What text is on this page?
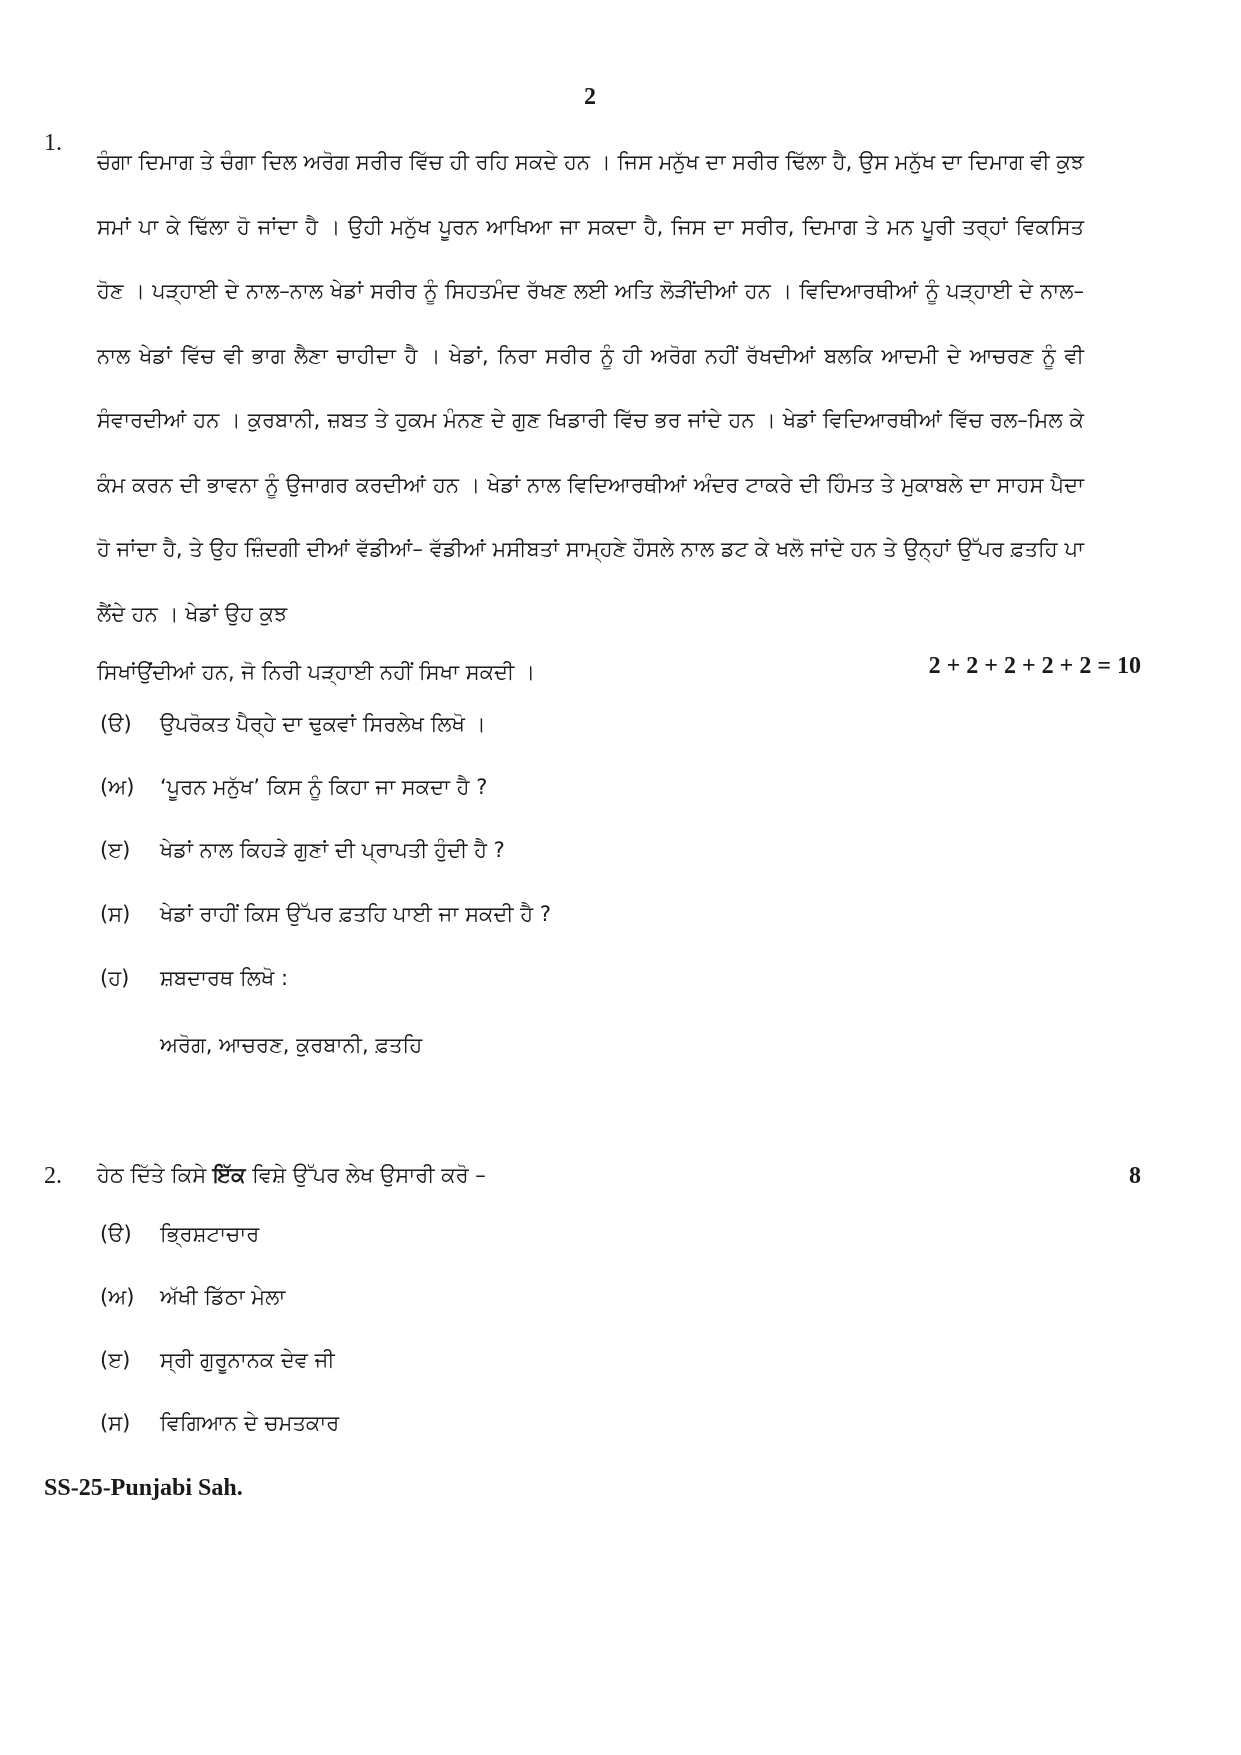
2
1.

ਚੰਗਾ ਦਿਮਾਗ ਤੇ ਚੰਗਾ ਦਿਲ ਅਰੋਗ ਸਰੀਰ ਵਿੱਚ ਹੀ ਰਹਿ ਸਕਦੇ ਹਨ । ਜਿਸ ਮਨੁੱਖ ਦਾ ਸਰੀਰ ਢਿੱਲਾ ਹੈ, ਉਸ ਮਨੁੱਖ ਦਾ ਦਿਮਾਗ ਵੀ ਕੁਝ ਸਮਾਂ ਪਾ ਕੇ ਢਿੱਲਾ ਹੋ ਜਾਂਦਾ ਹੈ । ਉਹੀ ਮਨੁੱਖ ਪੂਰਨ ਆਖਿਆ ਜਾ ਸਕਦਾ ਹੈ, ਜਿਸ ਦਾ ਸਰੀਰ, ਦਿਮਾਗ ਤੇ ਮਨ ਪੂਰੀ ਤਰ੍ਹਾਂ ਵਿਕਸਿਤ ਹੋਣ । ਪੜ੍ਹਾਈ ਦੇ ਨਾਲ–ਨਾਲ ਖੇਡਾਂ ਸਰੀਰ ਨੂੰ ਸਿਹਤਮੰਦ ਰੱਖਣ ਲਈ ਅਤਿ ਲੋੜੀਂਦੀਆਂ ਹਨ । ਵਿਦਿਆਰਥੀਆਂ ਨੂੰ ਪੜ੍ਹਾਈ ਦੇ ਨਾਲ–ਨਾਲ ਖੇਡਾਂ ਵਿੱਚ ਵੀ ਭਾਗ ਲੈਣਾ ਚਾਹੀਦਾ ਹੈ । ਖੇਡਾਂ, ਨਿਰਾ ਸਰੀਰ ਨੂੰ ਹੀ ਅਰੋਗ ਨਹੀਂ ਰੱਖਦੀਆਂ ਬਲਕਿ ਆਦਮੀ ਦੇ ਆਚਰਣ ਨੂੰ ਵੀ ਸੰਵਾਰਦੀਆਂ ਹਨ । ਕੁਰਬਾਨੀ, ਜ਼ਬਤ ਤੇ ਹੁਕਮ ਮੰਨਣ ਦੇ ਗੁਣ ਖਿਡਾਰੀ ਵਿੱਚ ਭਰ ਜਾਂਦੇ ਹਨ । ਖੇਡਾਂ ਵਿਦਿਆਰਥੀਆਂ ਵਿੱਚ ਰਲ–ਮਿਲ ਕੇ ਕੰਮ ਕਰਨ ਦੀ ਭਾਵਨਾ ਨੂੰ ਉਜਾਗਰ ਕਰਦੀਆਂ ਹਨ । ਖੇਡਾਂ ਨਾਲ ਵਿਦਿਆਰਥੀਆਂ ਅੰਦਰ ਟਾਕਰੇ ਦੀ ਹਿੰਮਤ ਤੇ ਮੁਕਾਬਲੇ ਦਾ ਸਾਹਸ ਪੈਦਾ ਹੋ ਜਾਂਦਾ ਹੈ, ਤੇ ਉਹ ਜ਼ਿੰਦਗੀ ਦੀਆਂ ਵੱਡੀਆਂ– ਵੱਡੀਆਂ ਮਸੀਬਤਾਂ ਸਾਮ੍ਹਣੇ ਹੌਸਲੇ ਨਾਲ ਡਟ ਕੇ ਖਲੋ ਜਾਂਦੇ ਹਨ ਤੇ ਉਨ੍ਹਾਂ ਉੱਪਰ ਫ਼ਤਹਿ ਪਾ ਲੈਂਦੇ ਹਨ । ਖੇਡਾਂ ਉਹ ਕੁਝ

ਸਿਖਾਂਉਂਦੀਆਂ ਹਨ, ਜੋ ਨਿਰੀ ਪੜ੍ਹਾਈ ਨਹੀਂ ਸਿਖਾ ਸਕਦੀ ।	2 + 2 + 2 + 2 + 2 = 10
(ੳ) ਉਪਰੋਕਤ ਪੈਰ੍ਹੇ ਦਾ ਢੁਕਵਾਂ ਸਿਰਲੇਖ ਲਿਖੋ ।
(ਅ) ‘ਪੂਰਨ ਮਨੁੱਖ’ ਕਿਸ ਨੂੰ ਕਿਹਾ ਜਾ ਸਕਦਾ ਹੈ ?
(ੲ) ਖੇਡਾਂ ਨਾਲ ਕਿਹੜੇ ਗੁਣਾਂ ਦੀ ਪ੍ਰਾਪਤੀ ਹੁੰਦੀ ਹੈ ?
(ਸ) ਖੇਡਾਂ ਰਾਹੀਂ ਕਿਸ ਉੱਪਰ ਫ਼ਤਹਿ ਪਾਈ ਜਾ ਸਕਦੀ ਹੈ ?
(ਹ) ਸ਼ਬਦਾਰਥ ਲਿਖੋ :
ਅਰੋਗ, ਆਚਰਣ, ਕੁਰਬਾਨੀ, ਫ਼ਤਹਿ
2. ਹੇਠ ਦਿੱਤੇ ਕਿਸੇ ਇੱਕ ਵਿਸ਼ੇ ਉੱਪਰ ਲੇਖ ਉਸਾਰੀ ਕਰੋ –	8
(ੳ) ਭ੍ਰਿਸ਼ਟਾਚਾਰ
(ਅ) ਅੱਖੀ ਡਿੱਠਾ ਮੇਲਾ
(ੲ) ਸ੍ਰੀ ਗੁਰੂਨਾਨਕ ਦੇਵ ਜੀ
(ਸ) ਵਿਗਿਆਨ ਦੇ ਚਮਤਕਾਰ
SS-25-Punjabi Sah.
